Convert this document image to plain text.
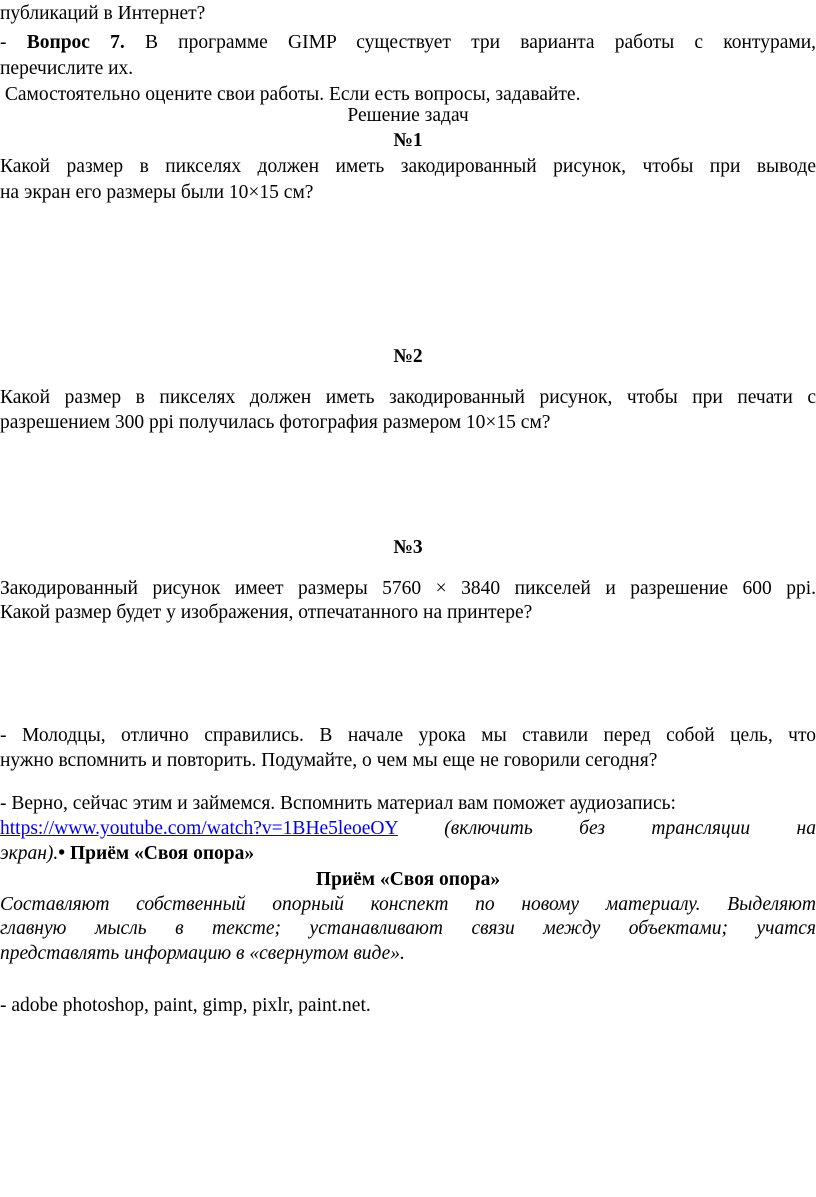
публикаций в Интернет?
- Вопрос 7. В программе GIMP существует три варианта работы с контурами,
перечислите их.
Самостоятельно оцените свои работы. Если есть вопросы, задавайте.
Решение задач
№1
Какой размер в пикселях должен иметь закодированный рисунок, чтобы при выводе
на экран его размеры были 10×15 см?
№2
Какой размер в пикселях должен иметь закодированный рисунок, чтобы при печати с
разрешением 300 ppi получилась фотография размером 10×15 см?
№3
Закодированный рисунок имеет размеры 5760 × 3840 пикселей и разрешение 600 ppi.
Какой размер будет у изображения, отпечатанного на принтере?
- Молодцы, отлично справились. В начале урока мы ставили перед собой цель, что
нужно вспомнить и повторить. Подумайте, о чем мы еще не говорили сегодня?
- Верно, сейчас этим и займемся. Вспомнить материал вам поможет аудиозапись:
https://www.youtube.com/watch?v=1BHe5leoeOY (включить без трансляции на
экран).• Приём «Своя опора»
Приём «Своя опора»
Составляют собственный опорный конспект по новому материалу. Выделяют
главную мысль в тексте; устанавливают связи между объектами; учатся
представлять информацию в «свернутом виде».
- adobe photoshop, paint, gimp, pixlr, paint.net.
